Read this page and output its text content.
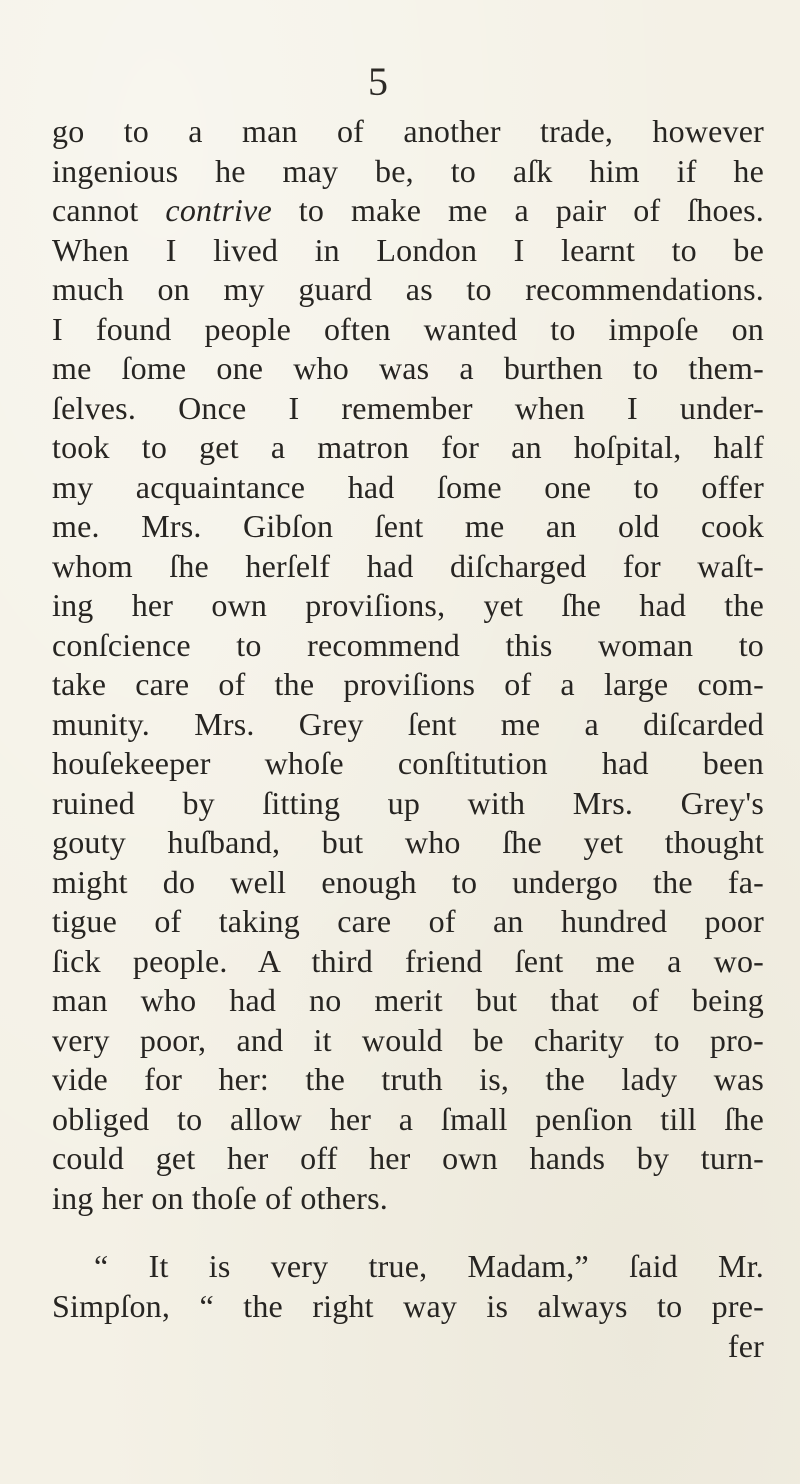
5
go to a man of another trade, however
ingenious he may be, to aſk him if he
cannot contrive to make me a pair of ſhoes.
When I lived in London I learnt to be
much on my guard as to recommendations.
I found people often wanted to impoſe on
me ſome one who was a burthen to them-
ſelves. Once I remember when I under-
took to get a matron for an hoſpital, half
my acquaintance had ſome one to offer
me. Mrs. Gibſon ſent me an old cook
whom ſhe herſelf had diſcharged for waſt-
ing her own proviſions, yet ſhe had the
conſcience to recommend this woman to
take care of the proviſions of a large com-
munity. Mrs. Grey ſent me a diſcarded
houſekeeper whoſe conſtitution had been
ruined by ſitting up with Mrs. Grey's
gouty huſband, but who ſhe yet thought
might do well enough to undergo the fa-
tigue of taking care of an hundred poor
ſick people. A third friend ſent me a wo-
man who had no merit but that of being
very poor, and it would be charity to pro-
vide for her: the truth is, the lady was
obliged to allow her a ſmall penſion till ſhe
could get her off her own hands by turn-
ing her on thoſe of others.
“ It is very true, Madam,” ſaid Mr.
Simpſon, “ the right way is always to pre-
fer
